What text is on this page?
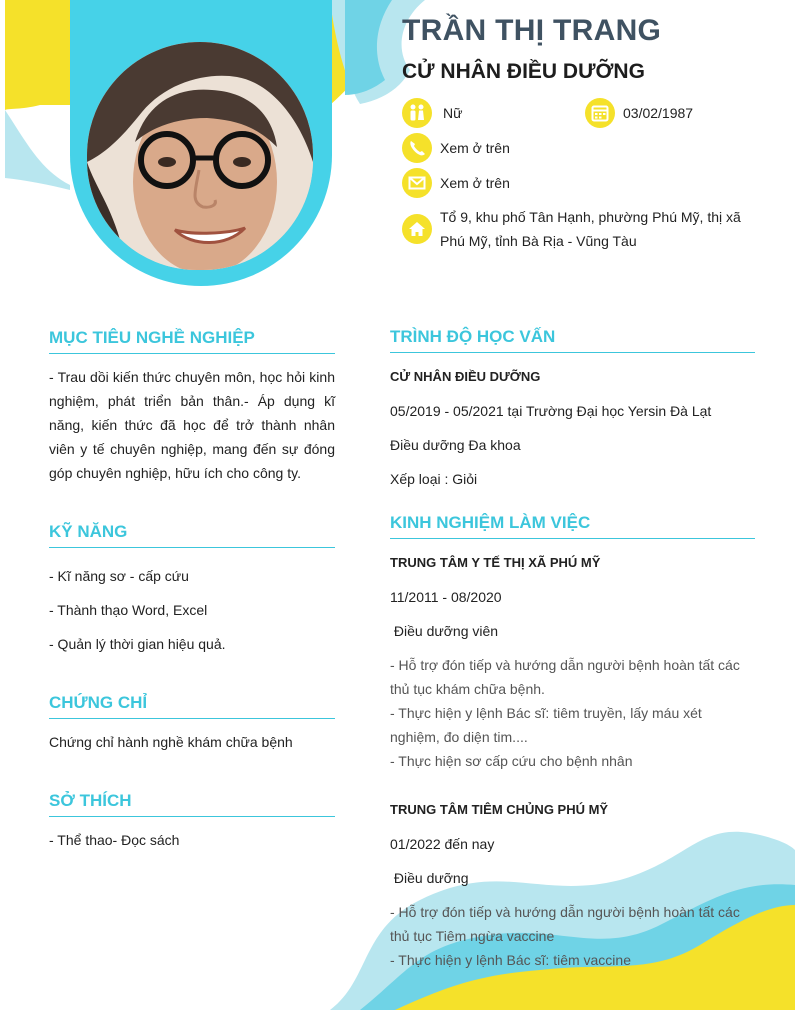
TRẦN THỊ TRANG
CỬ NHÂN ĐIỀU DƯỠNG
Nữ	03/02/1987
Xem ở trên
Xem ở trên
Tổ 9, khu phố Tân Hạnh, phường Phú Mỹ, thị xã Phú Mỹ, tỉnh Bà Rịa - Vũng Tàu
MỤC TIÊU NGHỀ NGHIỆP

- Trau dồi kiến thức chuyên môn, học hỏi kinh nghiệm, phát triển bản thân.- Áp dụng kĩ năng, kiến thức đã học để trở thành nhân viên y tế chuyên nghiệp, mang đến sự đóng góp chuyên nghiệp, hữu ích cho công ty.

KỸ NĂNG

- Kĩ năng sơ - cấp cứu

- Thành thạo Word, Excel

- Quản lý thời gian hiệu quả.

CHỨNG CHỈ

Chứng chỉ hành nghề khám chữa bệnh

SỞ THÍCH

- Thể thao- Đọc sách

TRÌNH ĐỘ HỌC VẤN

CỬ NHÂN ĐIỀU DƯỠNG

05/2019 - 05/2021 tại Trường Đại học Yersin Đà Lạt

Điều dưỡng Đa khoa

Xếp loại : Giỏi

KINH NGHIỆM LÀM VIỆC

TRUNG TÂM Y TẾ THỊ XÃ PHÚ MỸ

11/2011 - 08/2020

Điều dưỡng viên

- Hỗ trợ đón tiếp và hướng dẫn người bệnh hoàn tất các thủ tục khám chữa bệnh.

- Thực hiện y lệnh Bác sĩ: tiêm truyền, lấy máu xét nghiệm, đo diện tim....

- Thực hiện sơ cấp cứu cho bệnh nhân

TRUNG TÂM TIÊM CHỦNG PHÚ MỸ

01/2022 đến nay

Điều dưỡng

- Hỗ trợ đón tiếp và hướng dẫn người bệnh hoàn tất các thủ tục Tiêm ngừa vaccine

- Thực hiện y lệnh Bác sĩ: tiêm vaccine
